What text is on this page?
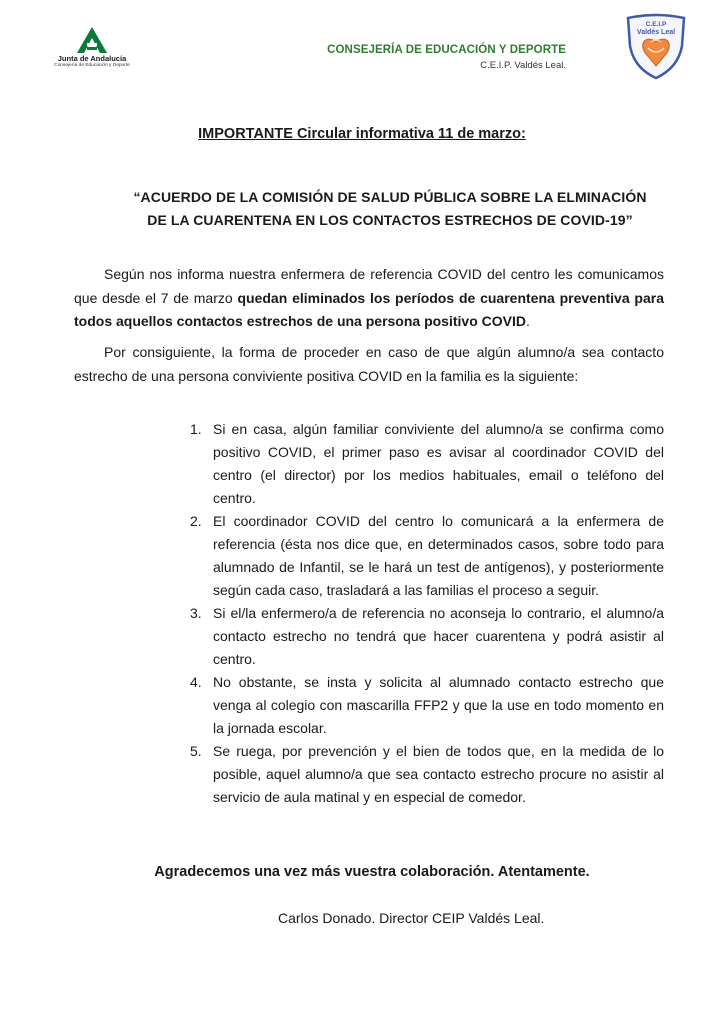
Junta de Andalucía
Consejería de Educación y Deporte
CONSEJERÍA DE EDUCACIÓN Y DEPORTE
C.E.I.P. Valdés Leal.
C.E.I.P
Valdés Leal
IMPORTANTE Circular informativa 11 de marzo:
“ACUERDO DE LA COMISIÓN DE SALUD PÚBLICA SOBRE LA ELMINACIÓN
DE LA CUARENTENA EN LOS CONTACTOS ESTRECHOS DE COVID-19”

Según nos informa nuestra enfermera de referencia COVID del centro les comunicamos que desde el 7 de marzo quedan eliminados los períodos de cuarentena preventiva para todos aquellos contactos estrechos de una persona positivo COVID.

Por consiguiente, la forma de proceder en caso de que algún alumno/a sea contacto estrecho de una persona conviviente positiva COVID en la familia es la siguiente:

1. Si en casa, algún familiar conviviente del alumno/a se confirma como positivo COVID, el primer paso es avisar al coordinador COVID del centro (el director) por los medios habituales, email o teléfono del centro.
2. El coordinador COVID del centro lo comunicará a la enfermera de referencia (ésta nos dice que, en determinados casos, sobre todo para alumnado de Infantil, se le hará un test de antígenos), y posteriormente según cada caso, trasladará a las familias el proceso a seguir.
3. Si el/la enfermero/a de referencia no aconseja lo contrario, el alumno/a contacto estrecho no tendrá que hacer cuarentena y podrá asistir al centro.
4. No obstante, se insta y solicita al alumnado contacto estrecho que venga al colegio con mascarilla FFP2 y que la use en todo momento en la jornada escolar.
5. Se ruega, por prevención y el bien de todos que, en la medida de lo posible, aquel alumno/a que sea contacto estrecho procure no asistir al servicio de aula matinal y en especial de comedor.
Agradecemos una vez más vuestra colaboración. Atentamente.
Carlos Donado. Director CEIP Valdés Leal.
